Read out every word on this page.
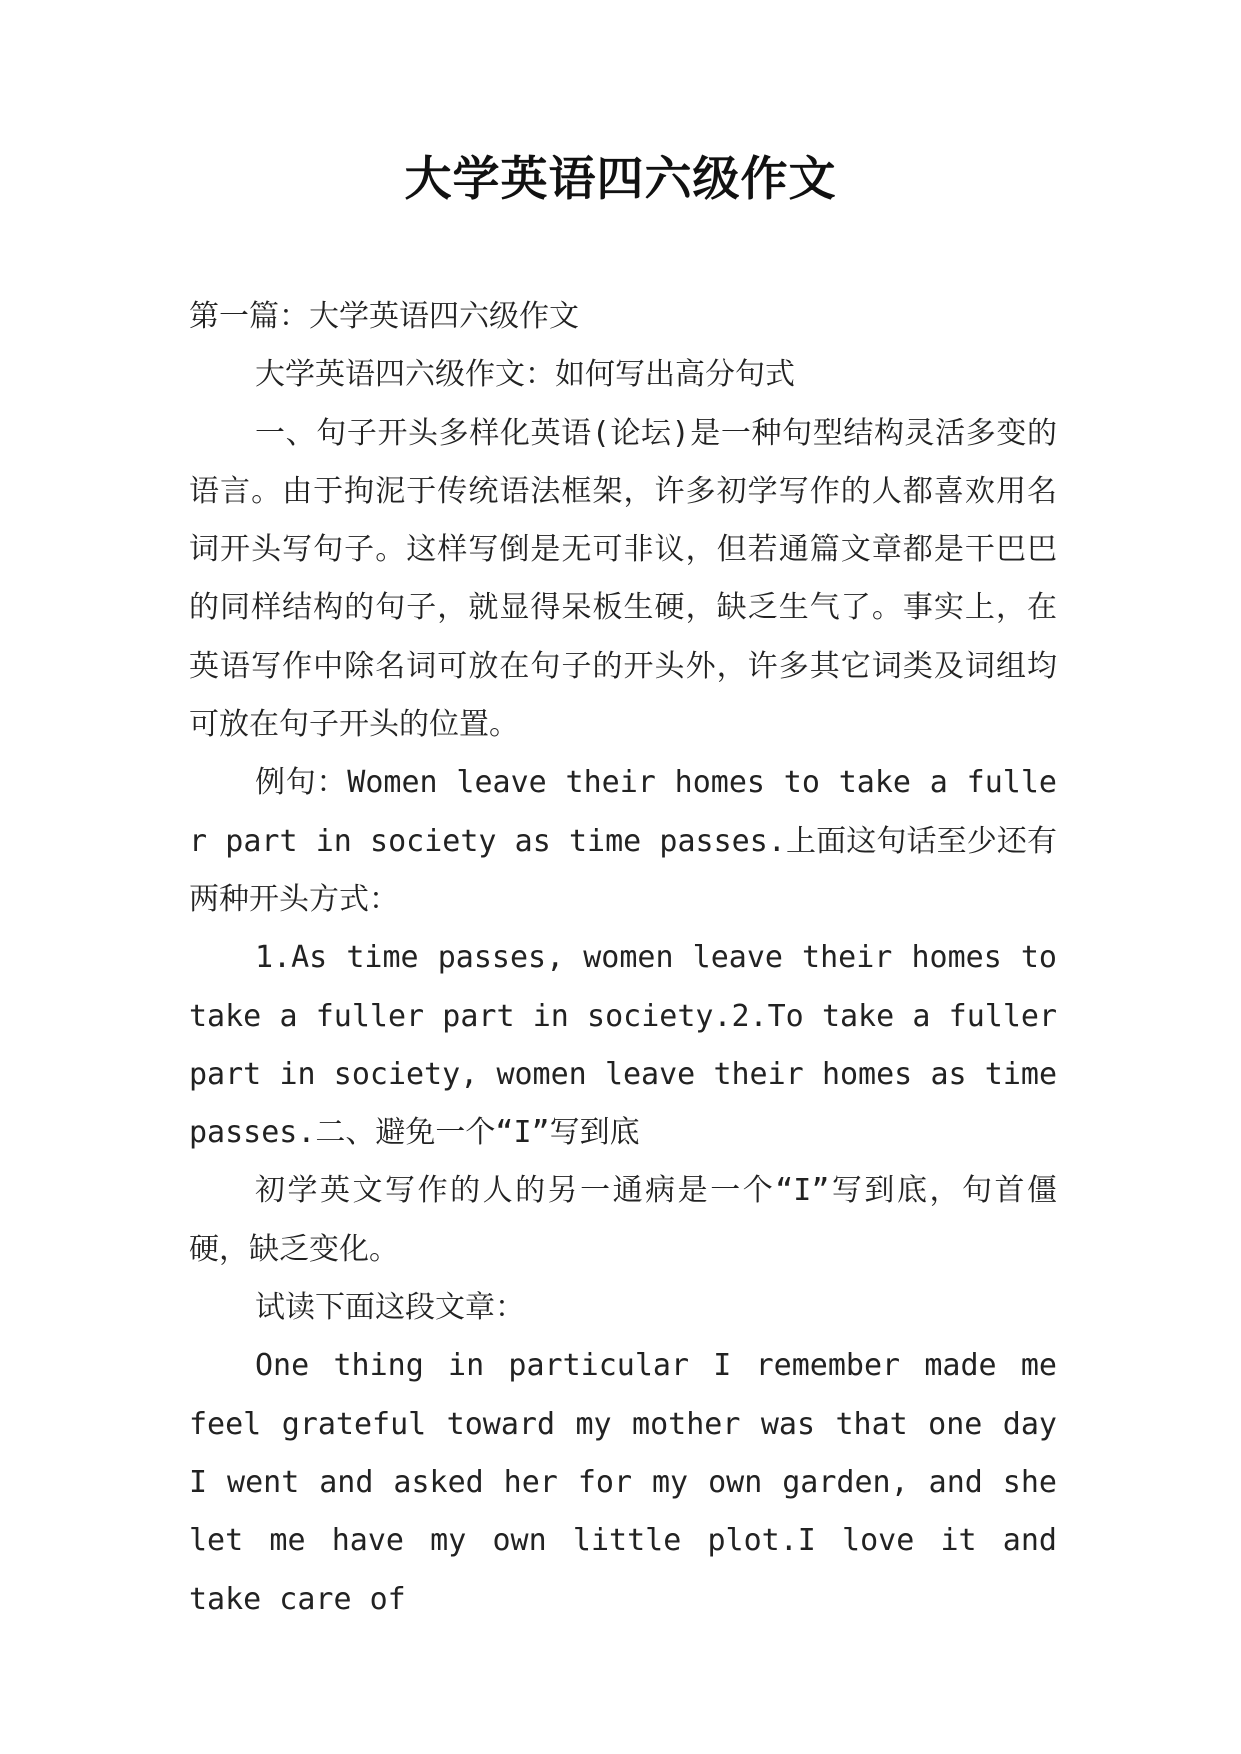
大学英语四六级作文

第一篇：大学英语四六级作文

大学英语四六级作文：如何写出高分句式

一、句子开头多样化英语(论坛)是一种句型结构灵活多变的语言。由于拘泥于传统语法框架，许多初学写作的人都喜欢用名词开头写句子。这样写倒是无可非议，但若通篇文章都是干巴巴的同样结构的句子，就显得呆板生硬，缺乏生气了。事实上，在英语写作中除名词可放在句子的开头外，许多其它词类及词组均可放在句子开头的位置。

例句：Women leave their homes to take a fuller part in society as time passes.上面这句话至少还有两种开头方式：

1.As time passes, women leave their homes to take a fuller part in society.2.To take a fuller part in society, women leave their homes as time passes.二、避免一个“I”写到底

初学英文写作的人的另一通病是一个“I”写到底，句首僵硬，缺乏变化。

试读下面这段文章：

One thing in particular I remember made me feel grateful toward my mother was that one day I went and asked her for my own garden, and she let me have my own little plot.I love it and take care of
